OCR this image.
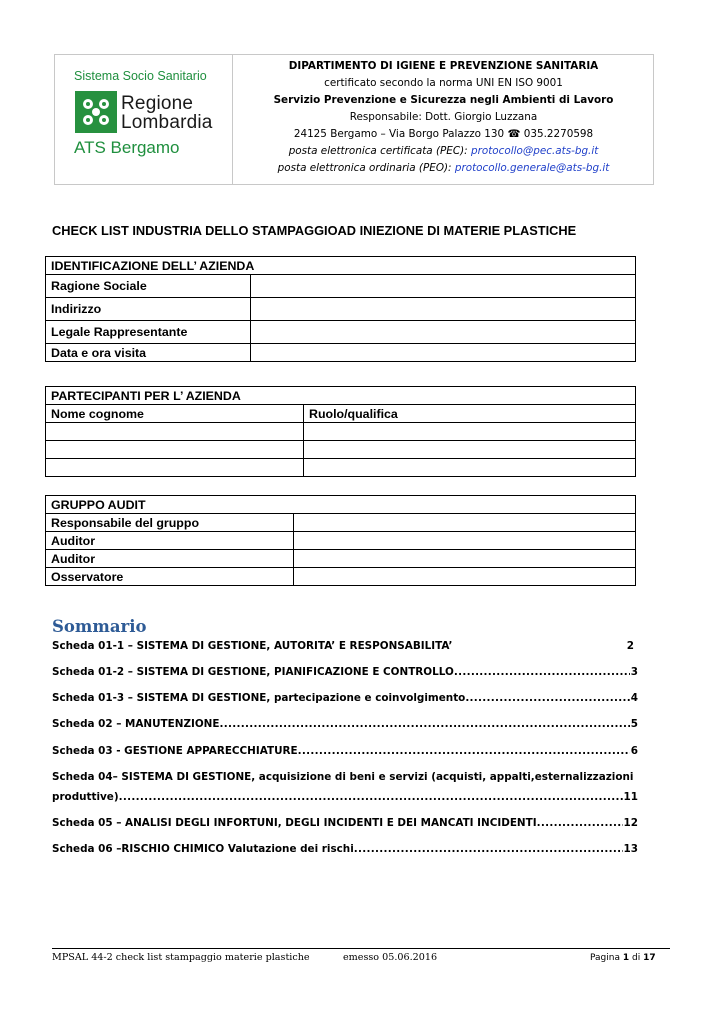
Sistema Socio Sanitario
Regione
Lombardia
ATS Bergamo
DIPARTIMENTO DI IGIENE E PREVENZIONE SANITARIA
certificato secondo la norma UNI EN ISO 9001
Servizio Prevenzione e Sicurezza negli Ambienti di Lavoro
Responsabile: Dott. Giorgio Luzzana
24125 Bergamo – Via Borgo Palazzo 130 ☎ 035.2270598
posta elettronica certificata (PEC): protocollo@pec.ats-bg.it
posta elettronica ordinaria (PEO): protocollo.generale@ats-bg.it
CHECK LIST INDUSTRIA DELLO STAMPAGGIOAD INIEZIONE DI MATERIE PLASTICHE
IDENTIFICAZIONE DELL’ AZIENDA	
Ragione Sociale	
Indirizzo	
Legale Rappresentante	
Data e ora visita	
PARTECIPANTI PER L’ AZIENDA	
Nome cognome	Ruolo/qualifica

GRUPPO AUDIT	
Responsabile del gruppo	
Auditor	
Auditor	
Osservatore	
Sommario
Scheda 01-1 – SISTEMA DI GESTIONE, AUTORITA’ E RESPONSABILITA’	2
Scheda 01-2 – SISTEMA DI GESTIONE, PIANIFICAZIONE E CONTROLLO .....	3
Scheda 01-3 – SISTEMA DI GESTIONE, partecipazione e coinvolgimento .....	4
Scheda 02 – MANUTENZIONE .....	5
Scheda 03 - GESTIONE APPARECCHIATURE .....	6
Scheda 04– SISTEMA DI GESTIONE, acquisizione di beni e servizi (acquisti, appalti,esternalizzazioni
produttive) .....	11
Scheda 05 – ANALISI DEGLI INFORTUNI, DEGLI INCIDENTI E DEI MANCATI INCIDENTI .....	12
Scheda 06 –RISCHIO CHIMICO Valutazione dei rischi .....	13
MPSAL 44-2 check list stampaggio materie plastiche	emesso 05.06.2016	Pagina 1 di 17
